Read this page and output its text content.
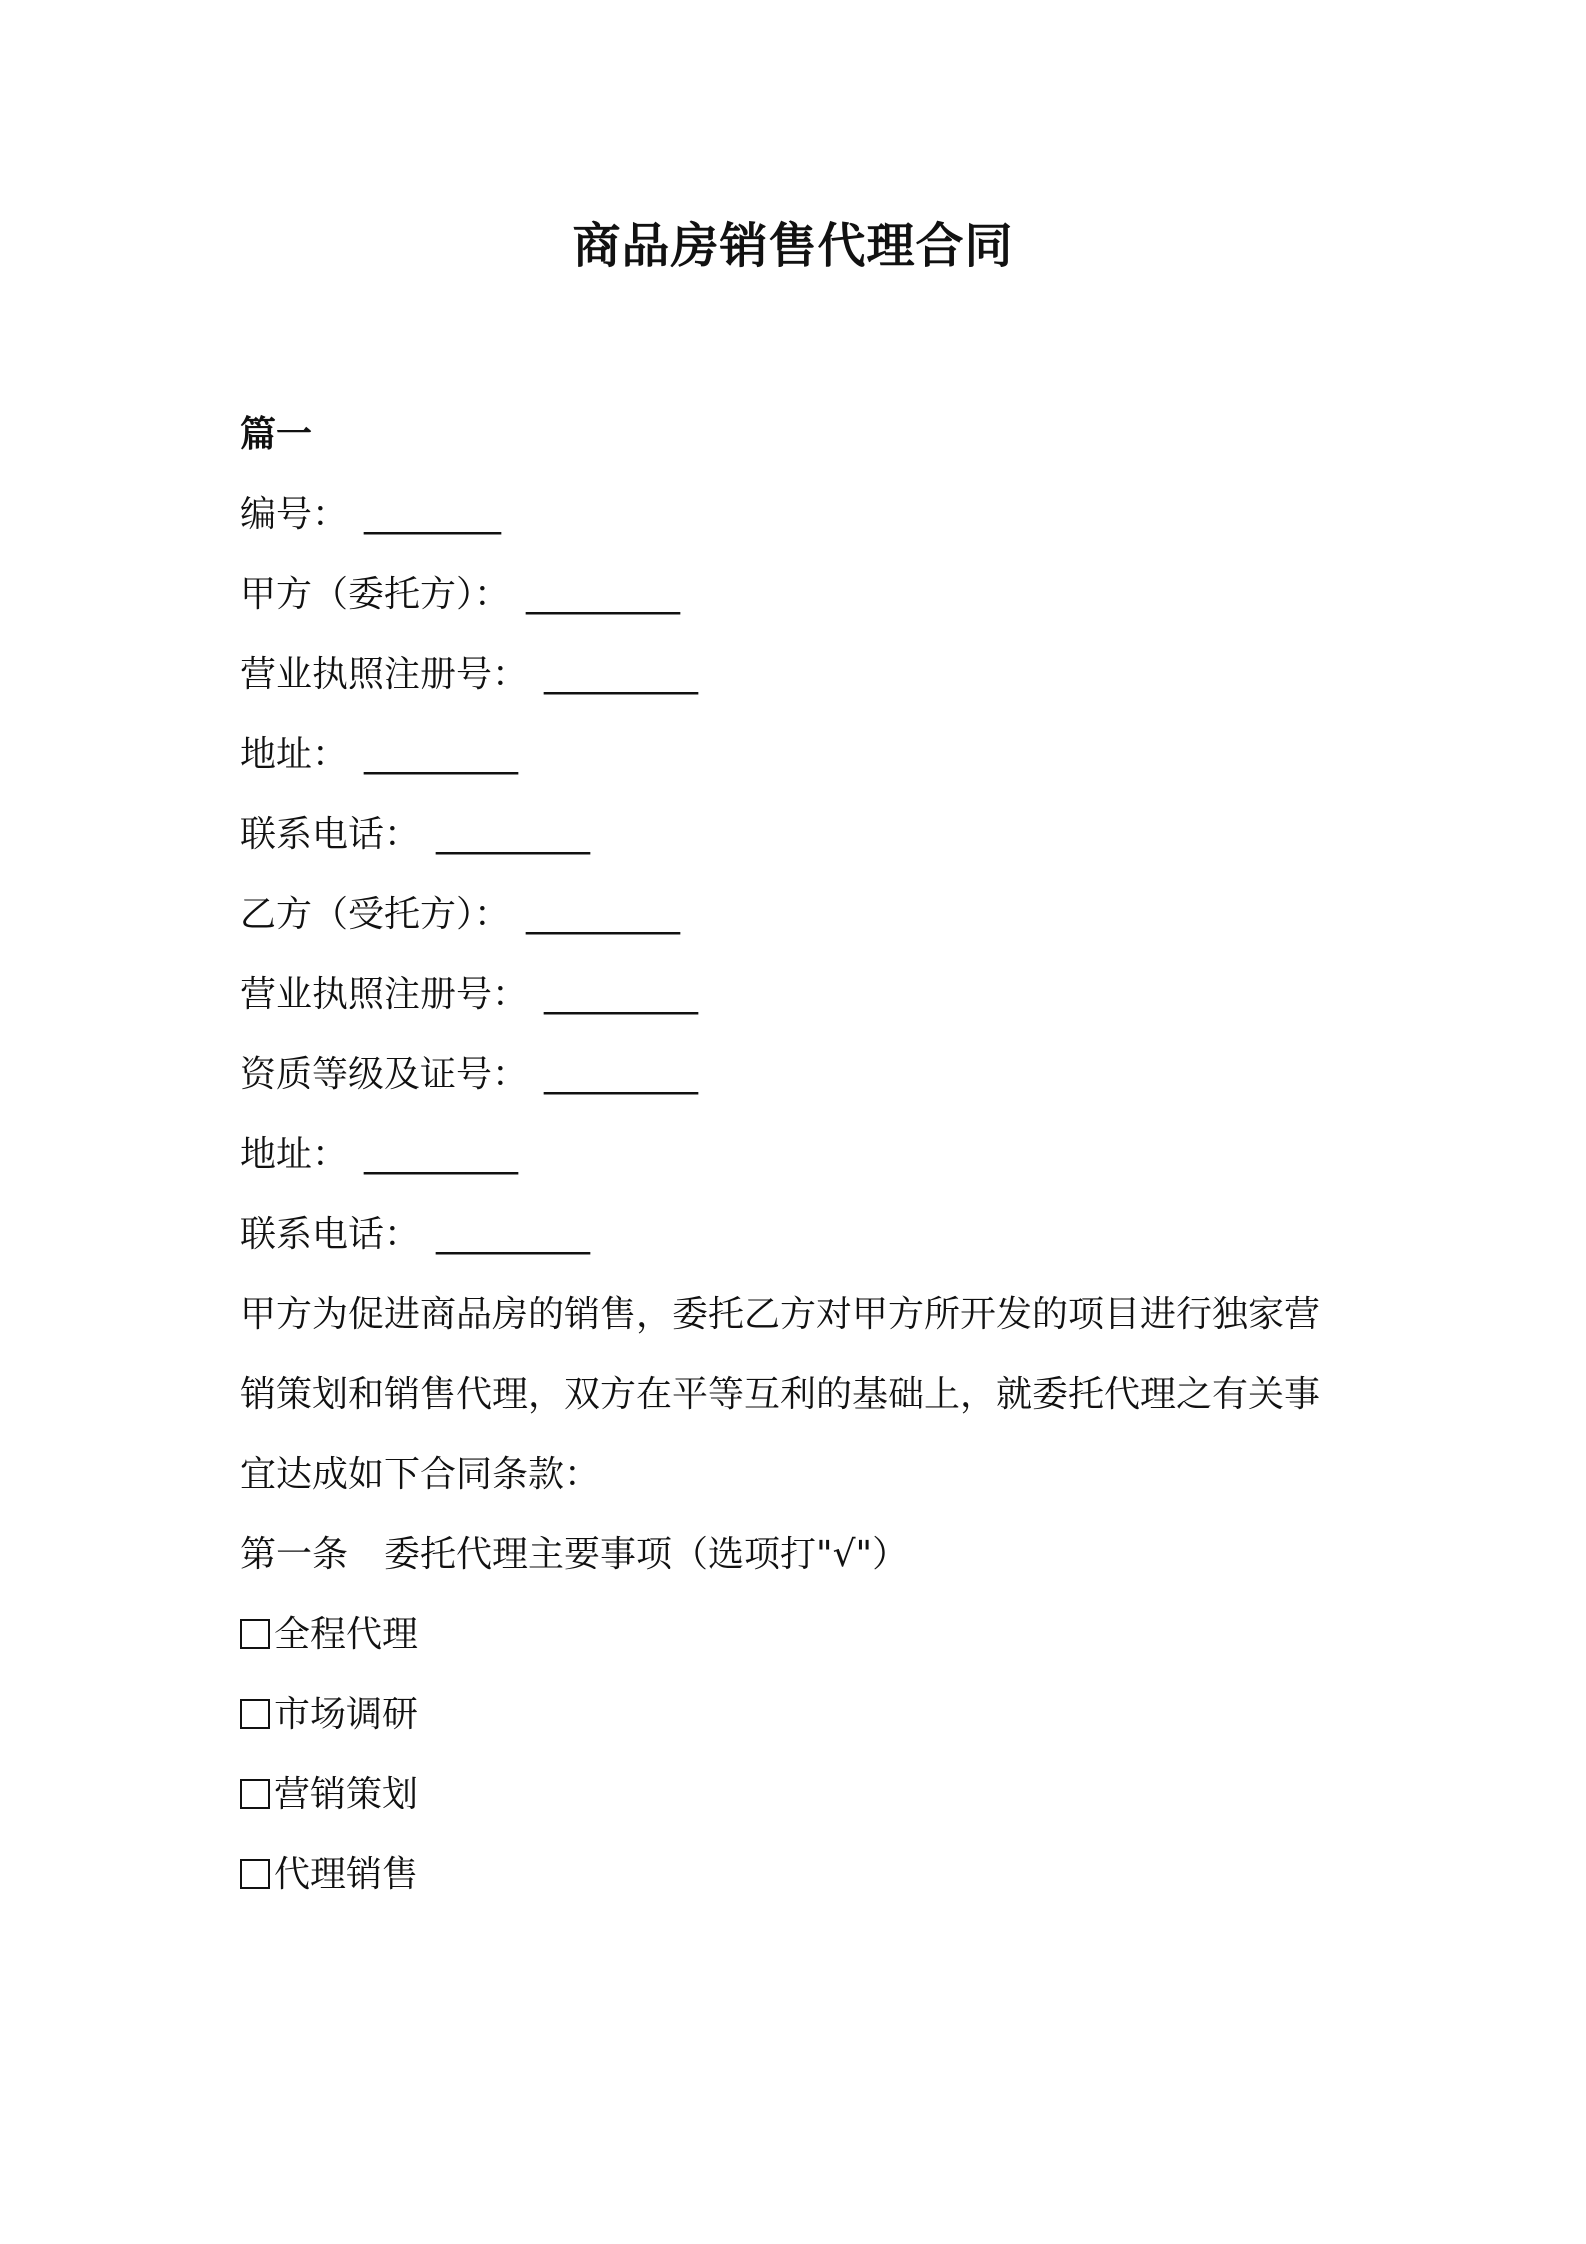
商品房销售代理合同
篇一
编号： ________
甲方（委托方）： _________
营业执照注册号： _________
地址： _________
联系电话： _________
乙方（受托方）： _________
营业执照注册号： _________
资质等级及证号： _________
地址： _________
联系电话： _________
甲方为促进商品房的销售，委托乙方对甲方所开发的项目进行独家营
销策划和销售代理，双方在平等互利的基础上，就委托代理之有关事
宜达成如下合同条款：
第一条 委托代理主要事项（选项打"√"）
全程代理
市场调研
营销策划
代理销售
